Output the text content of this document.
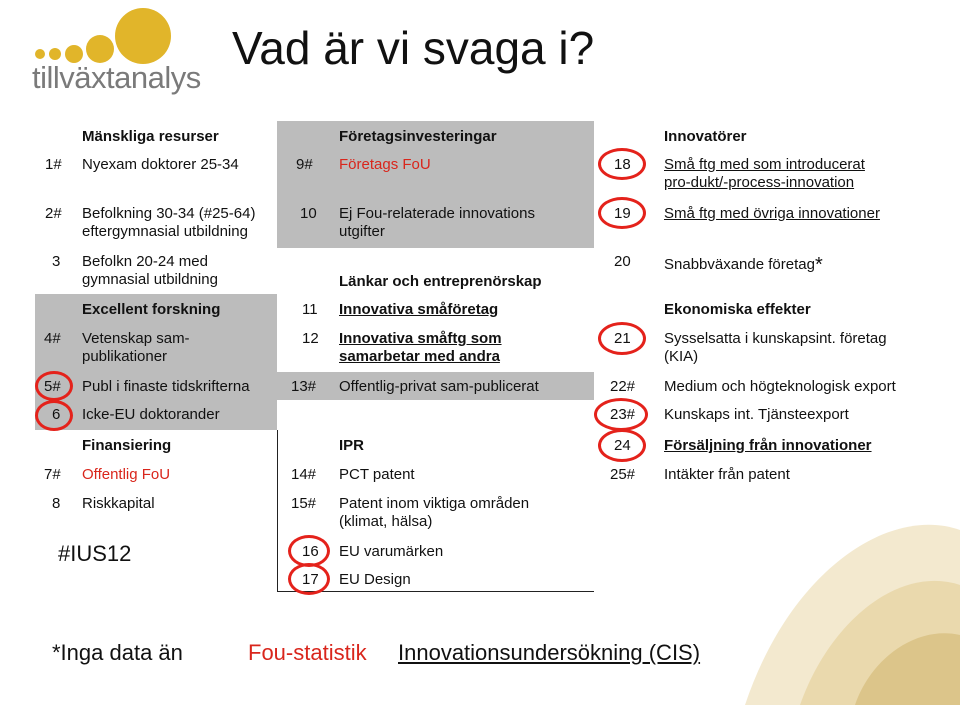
tillväxtanalys
Vad är vi svaga i?
Mänskliga resurser
1# Nyexam doktorer 25-34
2# Befolkning 30-34 (#25-64) eftergymnasial utbildning
3 Befolkn 20-24 med gymnasial utbildning
Excellent forskning
4# Vetenskap sam-publikationer
5# Publ i finaste tidskrifterna
6 Icke-EU doktorander
Finansiering
7# Offentlig FoU
8 Riskkapital
#IUS12
Företagsinvesteringar
9# Företags FoU
10 Ej Fou-relaterade innovations utgifter
Länkar och entreprenörskap
11 Innovativa småföretag
12 Innovativa småftg som samarbetar med andra
13# Offentlig-privat sam-publicerat
IPR
14# PCT patent
15# Patent inom viktiga områden (klimat, hälsa)
16 EU varumärken
17 EU Design
Innovatörer
18 Små ftg med som introducerat pro-dukt/-process-innovation
19 Små ftg med övriga innovationer
20 Snabbväxande företag*
Ekonomiska effekter
21 Sysselsatta i kunskapsint. företag (KIA)
22# Medium och högteknologisk export
23# Kunskaps int. Tjänsteexport
24 Försäljning från innovationer
25# Intäkter från patent
*Inga data än	Fou-statistik Innovationsundersökning (CIS)
